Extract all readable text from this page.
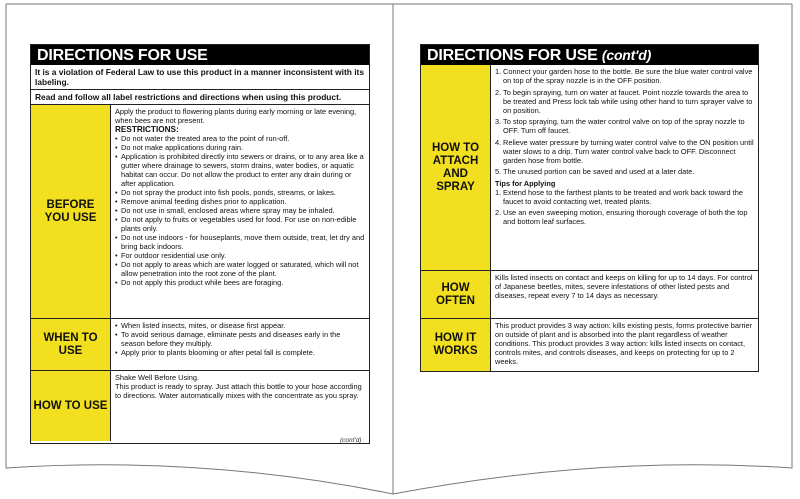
DIRECTIONS FOR USE
It is a violation of Federal Law to use this product in a manner inconsistent with its labeling.
Read and follow all label restrictions and directions when using this product.
BEFORE YOU USE
Apply the product to flowering plants during early morning or late evening, when bees are not present.
RESTRICTIONS:
• Do not water the treated area to the point of run-off.
• Do not make applications during rain.
• Application is prohibited directly into sewers or drains, or to any area like a gutter where drainage to sewers, storm drains, water bodies, or aquatic habitat can occur. Do not allow the product to enter any drain during or after application.
• Do not spray the product into fish pools, ponds, streams, or lakes.
• Remove animal feeding dishes prior to application.
• Do not use in small, enclosed areas where spray may be inhaled.
• Do not apply to fruits or vegetables used for food. For use on non-edible plants only.
• Do not use indoors - for houseplants, move them outside, treat, let dry and bring back indoors.
• For outdoor residential use only.
• Do not apply to areas which are water logged or saturated, which will not allow penetration into the root zone of the plant.
• Do not apply this product while bees are foraging.
WHEN TO USE
• When listed insects, mites, or disease first appear.
• To avoid serious damage, eliminate pests and diseases early in the season before they multiply.
• Apply prior to plants blooming or after petal fall is complete.
HOW TO USE
Shake Well Before Using.
This product is ready to spray. Just attach this bottle to your hose according to directions. Water automatically mixes with the concentrate as you spray.
(cont'd)
DIRECTIONS FOR USE (cont'd)
HOW TO ATTACH AND SPRAY
1. Connect your garden hose to the bottle. Be sure the blue water control valve on top of the spray nozzle is in the OFF position.
2. To begin spraying, turn on water at faucet. Point nozzle towards the area to be treated and Press lock tab while using other hand to turn sprayer valve to on position.
3. To stop spraying, turn the water control valve on top of the spray nozzle to OFF. Turn off faucet.
4. Relieve water pressure by turning water control valve to the ON position until water slows to a drip. Turn water control valve back to OFF. Disconnect garden hose from bottle.
5. The unused portion can be saved and used at a later date.
Tips for Applying
1. Extend hose to the farthest plants to be treated and work back toward the faucet to avoid contacting wet, treated plants.
2. Use an even sweeping motion, ensuring thorough coverage of both the top and bottom leaf surfaces.
HOW OFTEN
Kills listed insects on contact and keeps on killing for up to 14 days. For control of Japanese beetles, mites, severe infestations of other listed pests and diseases, repeat every 7 to 14 days as necessary.
HOW IT WORKS
This product provides 3 way action: kills existing pests, forms protective barrier on outside of plant and is absorbed into the plant regardless of weather conditions. This product provides 3 way action: kills listed insects on contact, controls mites, and controls diseases, and keeps on protecting for up to 2 weeks.
